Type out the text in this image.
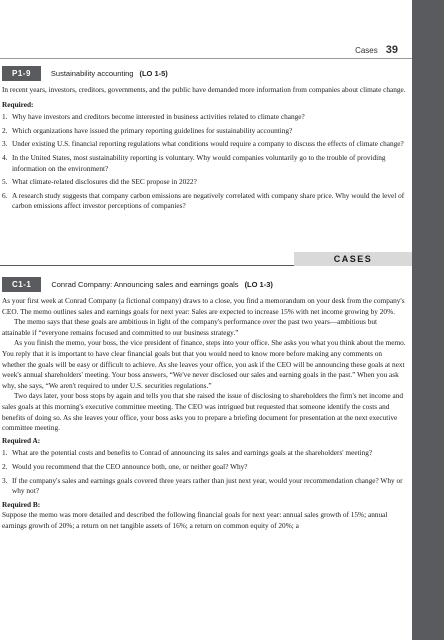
Cases 39
P1-9	Sustainability accounting (LO 1-5)

In recent years, investors, creditors, governments, and the public have demanded more information from companies about climate change.

Required:

1. Why have investors and creditors become interested in business activities related to climate change?
2. Which organizations have issued the primary reporting guidelines for sustainability accounting?
3. Under existing U.S. financial reporting regulations what conditions would require a company to discuss the effects of climate change?
4. In the United States, most sustainability reporting is voluntary. Why would companies voluntarily go to the trouble of providing information on the environment?
5. What climate-related disclosures did the SEC propose in 2022?
6. A research study suggests that company carbon emissions are negatively correlated with company share price. Why would the level of carbon emissions affect investor perceptions of companies?
CASES
C1-1	Conrad Company: Announcing sales and earnings goals (LO 1-3)

As your first week at Conrad Company (a fictional company) draws to a close, you find a memorandum on your desk from the company's CEO. The memo outlines sales and earnings goals for next year: Sales are expected to increase 15% with net income growing by 20%.

The memo says that these goals are ambitious in light of the company's performance over the past two years—ambitious but attainable if “everyone remains focused and committed to our business strategy.”

As you finish the memo, your boss, the vice president of finance, steps into your office. She asks you what you think about the memo. You reply that it is important to have clear financial goals but that you would need to know more before making any comments on whether the goals will be easy or difficult to achieve. As she leaves your office, you ask if the CEO will be announcing these goals at next week's annual shareholders' meeting. Your boss answers, “We've never disclosed our sales and earning goals in the past.” When you ask why, she says, “We aren't required to under U.S. securities regulations.”

Two days later, your boss stops by again and tells you that she raised the issue of disclosing to shareholders the firm's net income and sales goals at this morning's executive committee meeting. The CEO was intrigued but requested that someone identify the costs and benefits of doing so. As she leaves your office, your boss asks you to prepare a briefing document for presentation at the next executive committee meeting.

Required A:

1. What are the potential costs and benefits to Conrad of announcing its sales and earnings goals at the shareholders' meeting?
2. Would you recommend that the CEO announce both, one, or neither goal? Why?
3. If the company's sales and earnings goals covered three years rather than just next year, would your recommendation change? Why or why not?

Required B:

Suppose the memo was more detailed and described the following financial goals for next year: annual sales growth of 15%; annual earnings growth of 20%; a return on net tangible assets of 16%; a return on common equity of 20%; a
